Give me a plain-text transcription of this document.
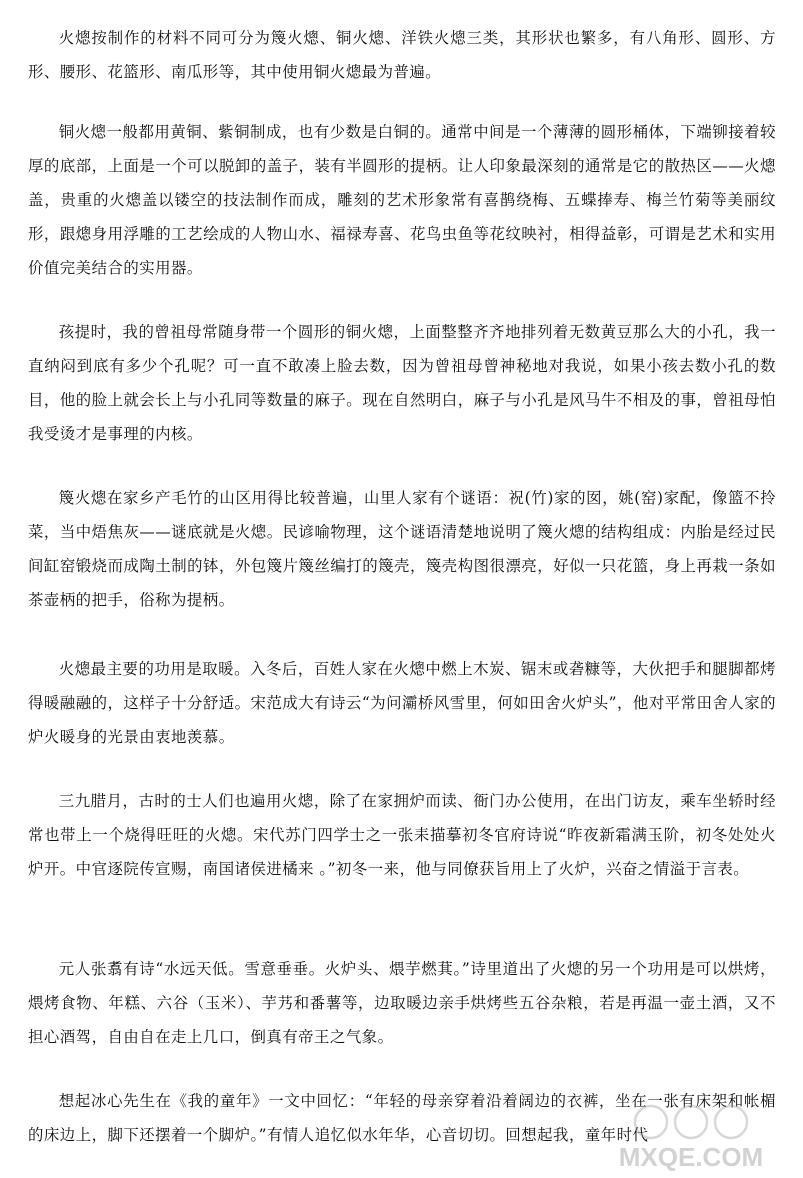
火熜按制作的材料不同可分为篾火熜、铜火熜、洋铁火熜三类，其形状也繁多，有八角形、圆形、方形、腰形、花篮形、南瓜形等，其中使用铜火熜最为普遍。

铜火熜一般都用黄铜、紫铜制成，也有少数是白铜的。通常中间是一个薄薄的圆形桶体，下端铆接着较厚的底部，上面是一个可以脱卸的盖子，装有半圆形的提柄。让人印象最深刻的通常是它的散热区——火熜盖，贵重的火熜盖以镂空的技法制作而成，雕刻的艺术形象常有喜鹊绕梅、五蝶捧寿、梅兰竹菊等美丽纹形，跟熜身用浮雕的工艺绘成的人物山水、福禄寿喜、花鸟虫鱼等花纹映衬，相得益彰，可谓是艺术和实用价值完美结合的实用器。

孩提时，我的曾祖母常随身带一个圆形的铜火熜，上面整整齐齐地排列着无数黄豆那么大的小孔，我一直纳闷到底有多少个孔呢？可一直不敢凑上脸去数，因为曾祖母曾神秘地对我说，如果小孩去数小孔的数目，他的脸上就会长上与小孔同等数量的麻子。现在自然明白，麻子与小孔是风马牛不相及的事，曾祖母怕我受烫才是事理的内核。

篾火熜在家乡产毛竹的山区用得比较普遍，山里人家有个谜语：祝(竹)家的囡，姚(窑)家配，像篮不拎菜，当中焐焦灰——谜底就是火熜。民谚喻物理，这个谜语清楚地说明了篾火熜的结构组成：内胎是经过民间缸窑锻烧而成陶土制的钵，外包篾片篾丝编打的篾壳，篾壳构图很漂亮，好似一只花篮，身上再栽一条如茶壶柄的把手，俗称为提柄。

火熜最主要的功用是取暖。入冬后，百姓人家在火熜中燃上木炭、锯末或砻糠等，大伙把手和腿脚都烤得暖融融的，这样子十分舒适。宋范成大有诗云“为问灞桥风雪里，何如田舍火炉头”，他对平常田舍人家的炉火暖身的光景由衷地羡慕。

三九腊月，古时的士人们也遍用火熜，除了在家拥炉而读、衙门办公使用，在出门访友，乘车坐轿时经常也带上一个烧得旺旺的火熜。宋代苏门四学士之一张耒描摹初冬官府诗说“昨夜新霜满玉阶，初冬处处火炉开。中官逐院传宣赐，南国诸侯进橘来 。”初冬一来，他与同僚获旨用上了火炉，兴奋之情溢于言表。

元人张翥有诗“水远天低。雪意垂垂。火炉头、煨芋燃萁。”诗里道出了火熜的另一个功用是可以烘烤，煨烤食物、年糕、六谷（玉米）、芋艿和番薯等，边取暖边亲手烘烤些五谷杂粮，若是再温一壶土酒，又不担心酒驾，自由自在走上几口，倒真有帝王之气象。

想起冰心先生在《我的童年》一文中回忆：“年轻的母亲穿着沿着阔边的衣裤，坐在一张有床架和帐楣的床边上，脚下还摆着一个脚炉。”有情人追忆似水年华，心音切切。回想起我，童年时代

MXQE.COM
